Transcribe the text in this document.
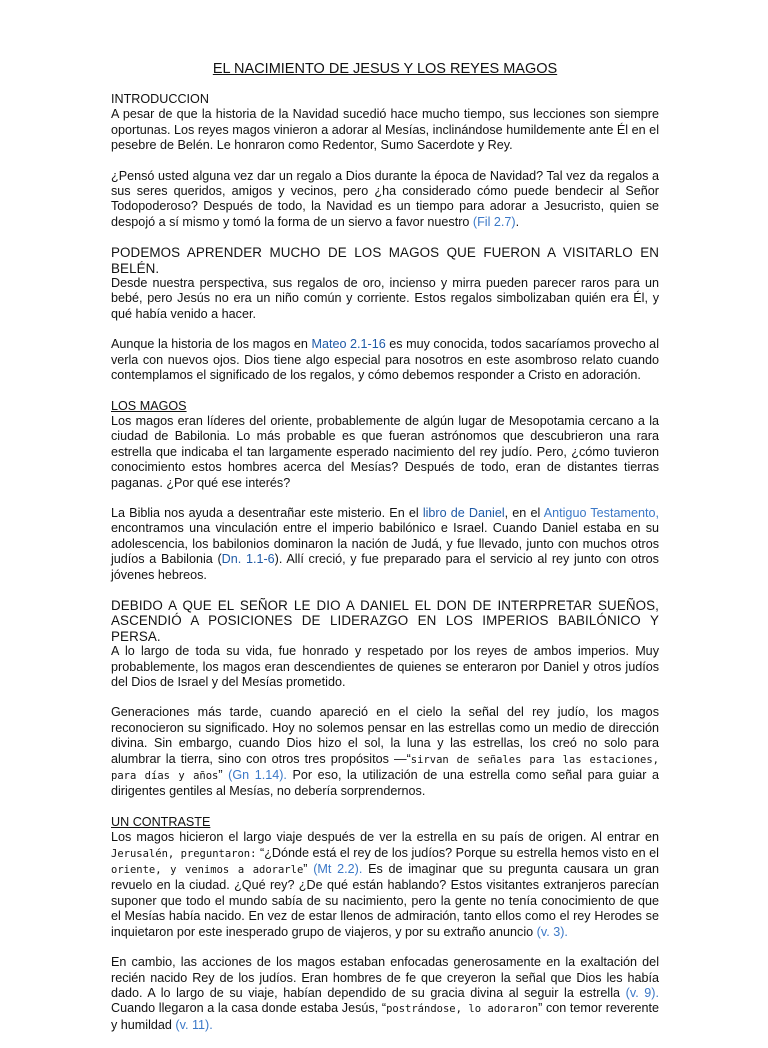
EL NACIMIENTO DE JESUS Y LOS REYES MAGOS
INTRODUCCION

A pesar de que la historia de la Navidad sucedió hace mucho tiempo, sus lecciones son siempre oportunas. Los reyes magos vinieron a adorar al Mesías, inclinándose humildemente ante Él en el pesebre de Belén. Le honraron como Redentor, Sumo Sacerdote y Rey.

¿Pensó usted alguna vez dar un regalo a Dios durante la época de Navidad? Tal vez da regalos a sus seres queridos, amigos y vecinos, pero ¿ha considerado cómo puede bendecir al Señor Todopoderoso? Después de todo, la Navidad es un tiempo para adorar a Jesucristo, quien se despojó a sí mismo y tomó la forma de un siervo a favor nuestro (Fil 2.7).

PODEMOS APRENDER MUCHO DE LOS MAGOS QUE FUERON A VISITARLO EN BELÉN.

Desde nuestra perspectiva, sus regalos de oro, incienso y mirra pueden parecer raros para un bebé, pero Jesús no era un niño común y corriente. Estos regalos simbolizaban quién era Él, y qué había venido a hacer.

Aunque la historia de los magos en Mateo 2.1-16 es muy conocida, todos sacaríamos provecho al verla con nuevos ojos. Dios tiene algo especial para nosotros en este asombroso relato cuando contemplamos el significado de los regalos, y cómo debemos responder a Cristo en adoración.

LOS MAGOS

Los magos eran líderes del oriente, probablemente de algún lugar de Mesopotamia cercano a la ciudad de Babilonia. Lo más probable es que fueran astrónomos que descubrieron una rara estrella que indicaba el tan largamente esperado nacimiento del rey judío. Pero, ¿cómo tuvieron conocimiento estos hombres acerca del Mesías? Después de todo, eran de distantes tierras paganas. ¿Por qué ese interés?

La Biblia nos ayuda a desentrañar este misterio. En el libro de Daniel, en el Antiguo Testamento, encontramos una vinculación entre el imperio babilónico e Israel. Cuando Daniel estaba en su adolescencia, los babilonios dominaron la nación de Judá, y fue llevado, junto con muchos otros judíos a Babilonia (Dn. 1.1-6). Allí creció, y fue preparado para el servicio al rey junto con otros jóvenes hebreos.

DEBIDO A QUE EL SEÑOR LE DIO A DANIEL EL DON DE INTERPRETAR SUEÑOS, ASCENDIÓ A POSICIONES DE LIDERAZGO EN LOS IMPERIOS BABILÓNICO Y PERSA.

A lo largo de toda su vida, fue honrado y respetado por los reyes de ambos imperios. Muy probablemente, los magos eran descendientes de quienes se enteraron por Daniel y otros judíos del Dios de Israel y del Mesías prometido.

Generaciones más tarde, cuando apareció en el cielo la señal del rey judío, los magos reconocieron su significado. Hoy no solemos pensar en las estrellas como un medio de dirección divina. Sin embargo, cuando Dios hizo el sol, la luna y las estrellas, los creó no solo para alumbrar la tierra, sino con otros tres propósitos —“sirvan de señales para las estaciones, para días y años” (Gn 1.14). Por eso, la utilización de una estrella como señal para guiar a dirigentes gentiles al Mesías, no debería sorprendernos.

UN CONTRASTE

Los magos hicieron el largo viaje después de ver la estrella en su país de origen. Al entrar en Jerusalén, preguntaron: “¿Dónde está el rey de los judíos? Porque su estrella hemos visto en el oriente, y venimos a adorarle” (Mt 2.2). Es de imaginar que su pregunta causara un gran revuelo en la ciudad. ¿Qué rey? ¿De qué están hablando? Estos visitantes extranjeros parecían suponer que todo el mundo sabía de su nacimiento, pero la gente no tenía conocimiento de que el Mesías había nacido. En vez de estar llenos de admiración, tanto ellos como el rey Herodes se inquietaron por este inesperado grupo de viajeros, y por su extraño anuncio (v. 3).

En cambio, las acciones de los magos estaban enfocadas generosamente en la exaltación del recién nacido Rey de los judíos. Eran hombres de fe que creyeron la señal que Dios les había dado. A lo largo de su viaje, habían dependido de su gracia divina al seguir la estrella (v. 9). Cuando llegaron a la casa donde estaba Jesús, “postrándose, lo adoraron” con temor reverente y humildad (v. 11).
